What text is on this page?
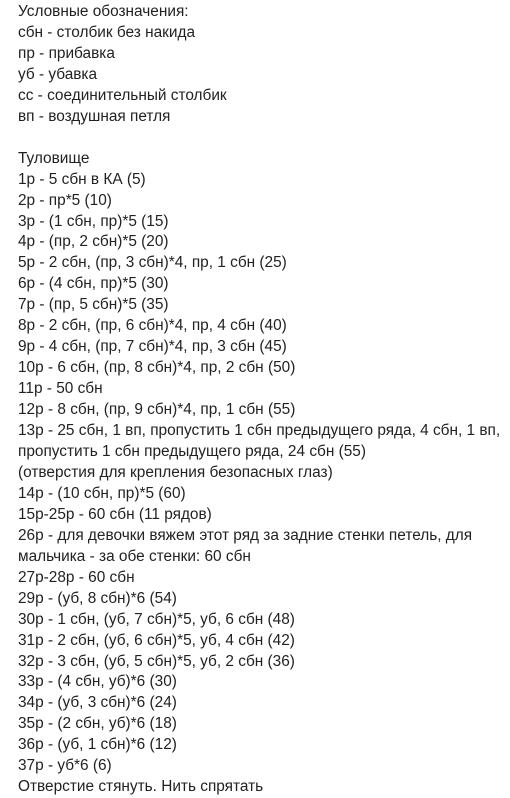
Условные обозначения:
сбн - столбик без накида
пр - прибавка
уб - убавка
сс - соединительный столбик
вп - воздушная петля
Туловище
1р - 5 сбн в КА (5)
2р - пр*5 (10)
3р - (1 сбн, пр)*5 (15)
4р - (пр, 2 сбн)*5 (20)
5р - 2 сбн, (пр, 3 сбн)*4, пр, 1 сбн (25)
6р - (4 сбн, пр)*5 (30)
7р - (пр, 5 сбн)*5 (35)
8р - 2 сбн, (пр, 6 сбн)*4, пр, 4 сбн (40)
9р - 4 сбн, (пр, 7 сбн)*4, пр, 3 сбн (45)
10р - 6 сбн, (пр, 8 сбн)*4, пр, 2 сбн (50)
11р - 50 сбн
12р - 8 сбн, (пр, 9 сбн)*4, пр, 1 сбн (55)
13р - 25 сбн, 1 вп, пропустить 1 сбн предыдущего ряда, 4 сбн, 1 вп, пропустить 1 сбн предыдущего ряда, 24 сбн (55)
(отверстия для крепления безопасных глаз)
14р - (10 сбн, пр)*5 (60)
15р-25р - 60 сбн (11 рядов)
26р - для девочки вяжем этот ряд за задние стенки петель, для мальчика - за обе стенки: 60 сбн
27р-28р - 60 сбн
29р - (уб, 8 сбн)*6 (54)
30р - 1 сбн, (уб, 7 сбн)*5, уб, 6 сбн (48)
31р - 2 сбн, (уб, 6 сбн)*5, уб, 4 сбн (42)
32р - 3 сбн, (уб, 5 сбн)*5, уб, 2 сбн (36)
33р - (4 сбн, уб)*6 (30)
34р - (уб, 3 сбн)*6 (24)
35р - (2 сбн, уб)*6 (18)
36р - (уб, 1 сбн)*6 (12)
37р - уб*6 (6)
Отверстие стянуть. Нить спрятать
